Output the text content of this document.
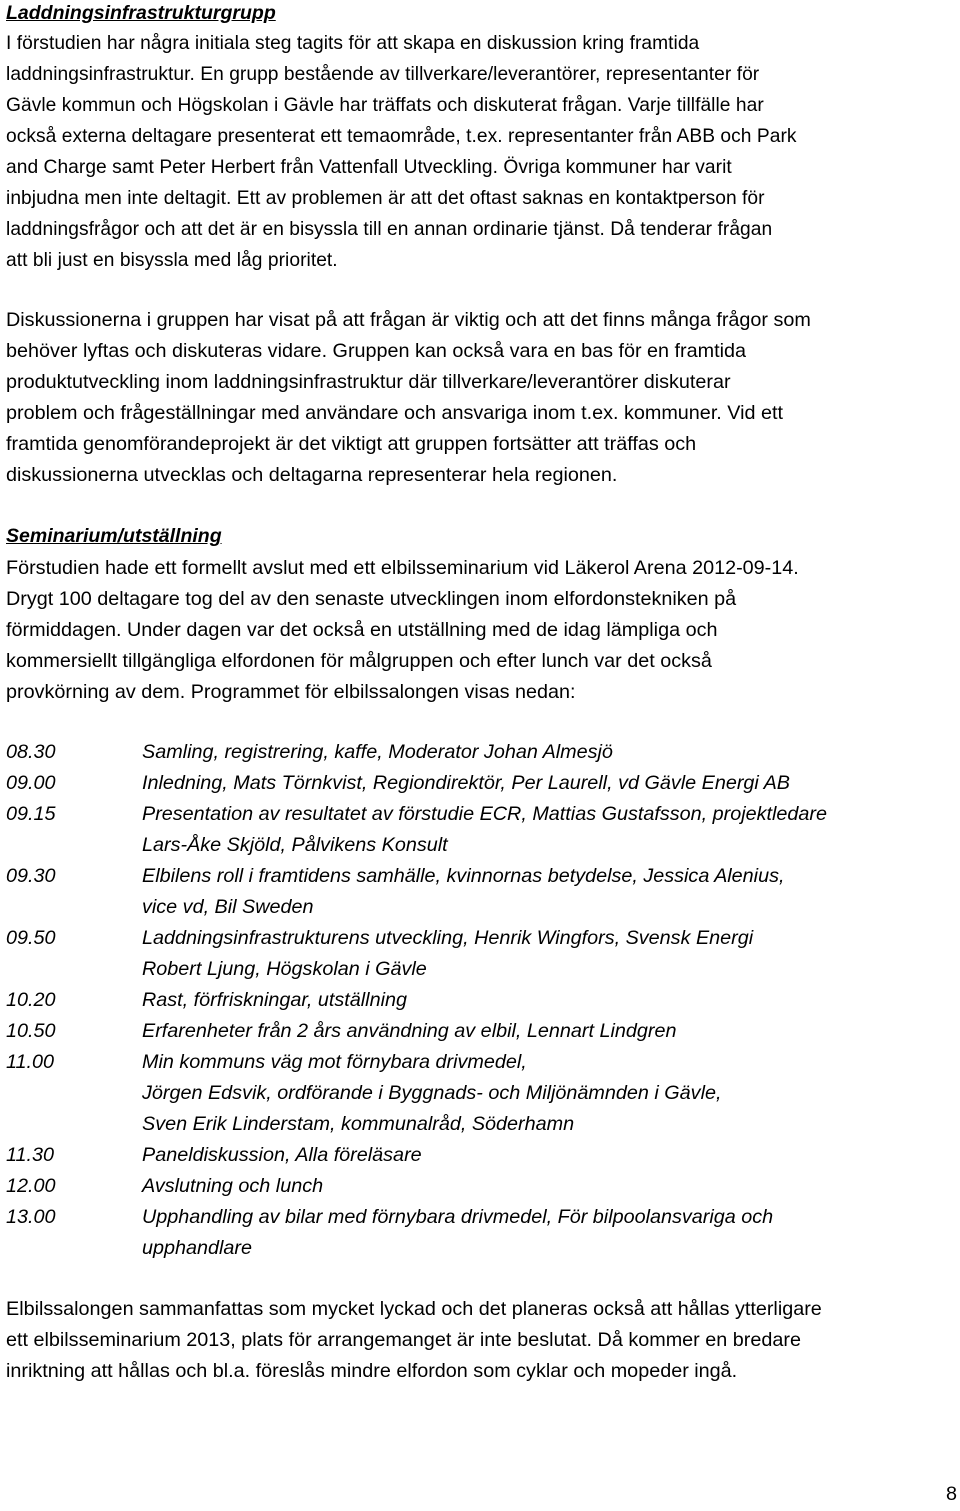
Laddningsinfrastrukturgrupp
I förstudien har några initiala steg tagits för att skapa en diskussion kring framtida
laddningsinfrastruktur. En grupp bestående av tillverkare/leverantörer, representanter för
Gävle kommun och Högskolan i Gävle har träffats och diskuterat frågan. Varje tillfälle har
också externa deltagare presenterat ett temaområde, t.ex. representanter från ABB och Park
and Charge samt Peter Herbert från Vattenfall Utveckling. Övriga kommuner har varit
inbjudna men inte deltagit. Ett av problemen är att det oftast saknas en kontaktperson för
laddningsfrågor och att det är en bisyssla till en annan ordinarie tjänst. Då tenderar frågan
att bli just en bisyssla med låg prioritet.
Diskussionerna i gruppen har visat på att frågan är viktig och att det finns många frågor som
behöver lyftas och diskuteras vidare. Gruppen kan också vara en bas för en framtida
produktutveckling inom laddningsinfrastruktur där tillverkare/leverantörer diskuterar
problem och frågeställningar med användare och ansvariga inom t.ex. kommuner. Vid ett
framtida genomförandeprojekt är det viktigt att gruppen fortsätter att träffas och
diskussionerna utvecklas och deltagarna representerar hela regionen.
Seminarium/utställning
Förstudien hade ett formellt avslut med ett elbilsseminarium vid Läkerol Arena 2012-09-14.
Drygt 100 deltagare tog del av den senaste utvecklingen inom elfordonstekniken på
förmiddagen. Under dagen var det också en utställning med de idag lämpliga och
kommersiellt tillgängliga elfordonen för målgruppen och efter lunch var det också
provkörning av dem. Programmet för elbilssalongen visas nedan:
08.30	Samling, registrering, kaffe, Moderator Johan Almesjö
09.00	Inledning, Mats Törnkvist, Regiondirektör, Per Laurell, vd Gävle Energi AB
09.15	Presentation av resultatet av förstudie ECR, Mattias Gustafsson, projektledare
Lars-Åke Skjöld, Pålvikens Konsult
09.30	Elbilens roll i framtidens samhälle, kvinnornas betydelse, Jessica Alenius,
vice vd, Bil Sweden
09.50	Laddningsinfrastrukturens utveckling, Henrik Wingfors, Svensk Energi
Robert Ljung, Högskolan i Gävle
10.20	Rast, förfriskningar, utställning
10.50	Erfarenheter från 2 års användning av elbil, Lennart Lindgren
11.00	Min kommuns väg mot förnybara drivmedel,
Jörgen Edsvik, ordförande i Byggnads- och Miljönämnden i Gävle,
Sven Erik Linderstam, kommunalråd, Söderhamn
11.30	Paneldiskussion, Alla föreläsare
12.00	Avslutning och lunch
13.00	Upphandling av bilar med förnybara drivmedel, För bilpoolansvariga och
upphandlare
Elbilssalongen sammanfattas som mycket lyckad och det planeras också att hållas ytterligare
ett elbilsseminarium 2013, plats för arrangemanget är inte beslutat. Då kommer en bredare
inriktning att hållas och bl.a. föreslås mindre elfordon som cyklar och mopeder ingå.
8
